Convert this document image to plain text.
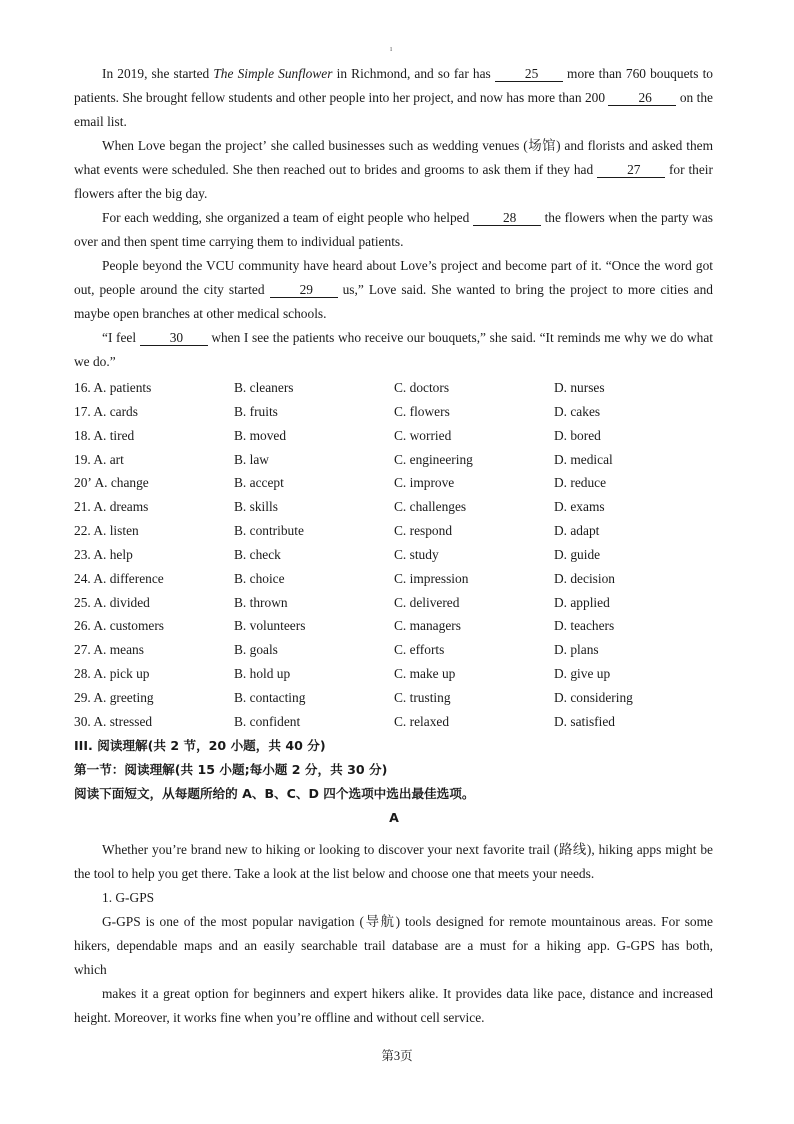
ı

In 2019, she started The Simple Sunflower in Richmond, and so far has 25 more than 760 bouquets to patients. She brought fellow students and other people into her project, and now has more than 200 26 on the email list.

When Love began the projectʼ she called businesses such as wedding venues (场馆) and florists and asked them what events were scheduled. She then reached out to brides and grooms to ask them if they had 27 for their flowers after the big day.

For each wedding, she organized a team of eight people who helped 28 the flowers when the party was over and then spent time carrying them to individual patients.

People beyond the VCU community have heard about Love’s project and become part of it. “Once the word got out, people around the city started 29 us,” Love said. She wanted to bring the project to more cities and maybe open branches at other medical schools.

“I feel 30 when I see the patients who receive our bouquets,” she said. “It reminds me why we do what we do.”

16. A. patients	B. cleaners	C. doctors	D. nurses
17. A. cards	B. fruits	C. flowers	D. cakes
18. A. tired	B. moved	C. worried	D. bored
19. A. art	B. law	C. engineering	D. medical
20ʼ A. change	B. accept	C. improve	D. reduce
21. A. dreams	B. skills	C. challenges	D. exams
22. A. listen	B. contribute	C. respond	D. adapt
23. A. help	B. check	C. study	D. guide
24. A. difference	B. choice	C. impression	D. decision
25. A. divided	B. thrown	C. delivered	D. applied
26. A. customers	B. volunteers	C. managers	D. teachers
27. A. means	B. goals	C. efforts	D. plans
28. A. pick up	B. hold up	C. make up	D. give up
29. A. greeting	B. contacting	C. trusting	D. considering
30. A. stressed	B. confident	C. relaxed	D. satisfied

III. 阅读理解(共 2 节，20 小题，共 40 分)

第一节：阅读理解(共 15 小题;每小题 2 分，共 30 分)

阅读下面短文，从每题所给的 A、B、C、D 四个选项中选出最佳选项。

A

Whether you’re brand new to hiking or looking to discover your next favorite trail (路线), hiking apps might be the tool to help you get there. Take a look at the list below and choose one that meets your needs.

1. G-GPS

G-GPS is one of the most popular navigation (导航) tools designed for remote mountainous areas. For some hikers, dependable maps and an easily searchable trail database are a must for a hiking app. G-GPS has both,

which

makes it a great option for beginners and expert hikers alike. It provides data like pace, distance and increased height. Moreover, it works fine when you’re offline and without cell service.

第3页
